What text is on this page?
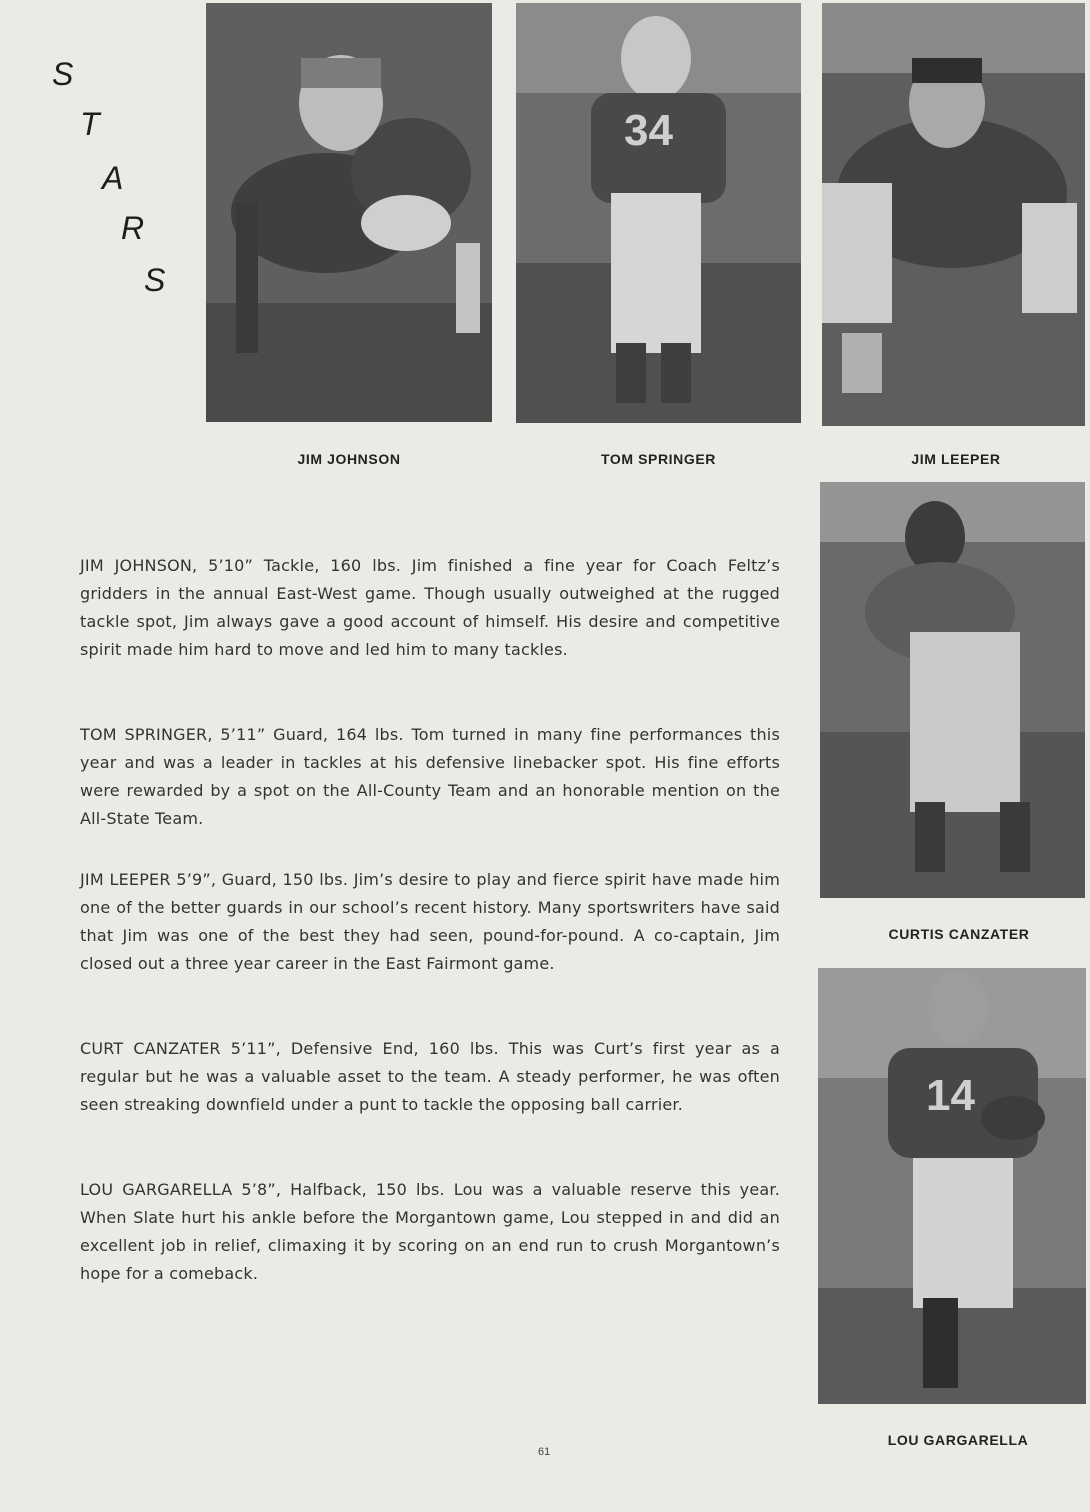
S
T
A
R
S
34
JIM JOHNSON	TOM SPRINGER	JIM LEEPER
CURTIS CANZATER
14
LOU GARGARELLA

JIM JOHNSON, 5’10” Tackle, 160 lbs. Jim finished a fine year for Coach Feltz’s gridders in the annual East-West game. Though usually outweighed at the rugged tackle spot, Jim always gave a good account of himself. His desire and competitive spirit made him hard to move and led him to many tackles.

TOM SPRINGER, 5’11” Guard, 164 lbs. Tom turned in many fine performances this year and was a leader in tackles at his defensive linebacker spot. His fine efforts were rewarded by a spot on the All-County Team and an honorable mention on the All-State Team.

JIM LEEPER 5’9”, Guard, 150 lbs. Jim’s desire to play and fierce spirit have made him one of the better guards in our school’s recent history. Many sportswriters have said that Jim was one of the best they had seen, pound-for-pound. A co-captain, Jim closed out a three year career in the East Fairmont game.

CURT CANZATER 5’11”, Defensive End, 160 lbs. This was Curt’s first year as a regular but he was a valuable asset to the team. A steady performer, he was often seen streaking downfield under a punt to tackle the opposing ball carrier.

LOU GARGARELLA 5’8”, Halfback, 150 lbs. Lou was a valuable reserve this year. When Slate hurt his ankle before the Morgantown game, Lou stepped in and did an excellent job in relief, climaxing it by scoring on an end run to crush Morgantown’s hope for a comeback.

61
